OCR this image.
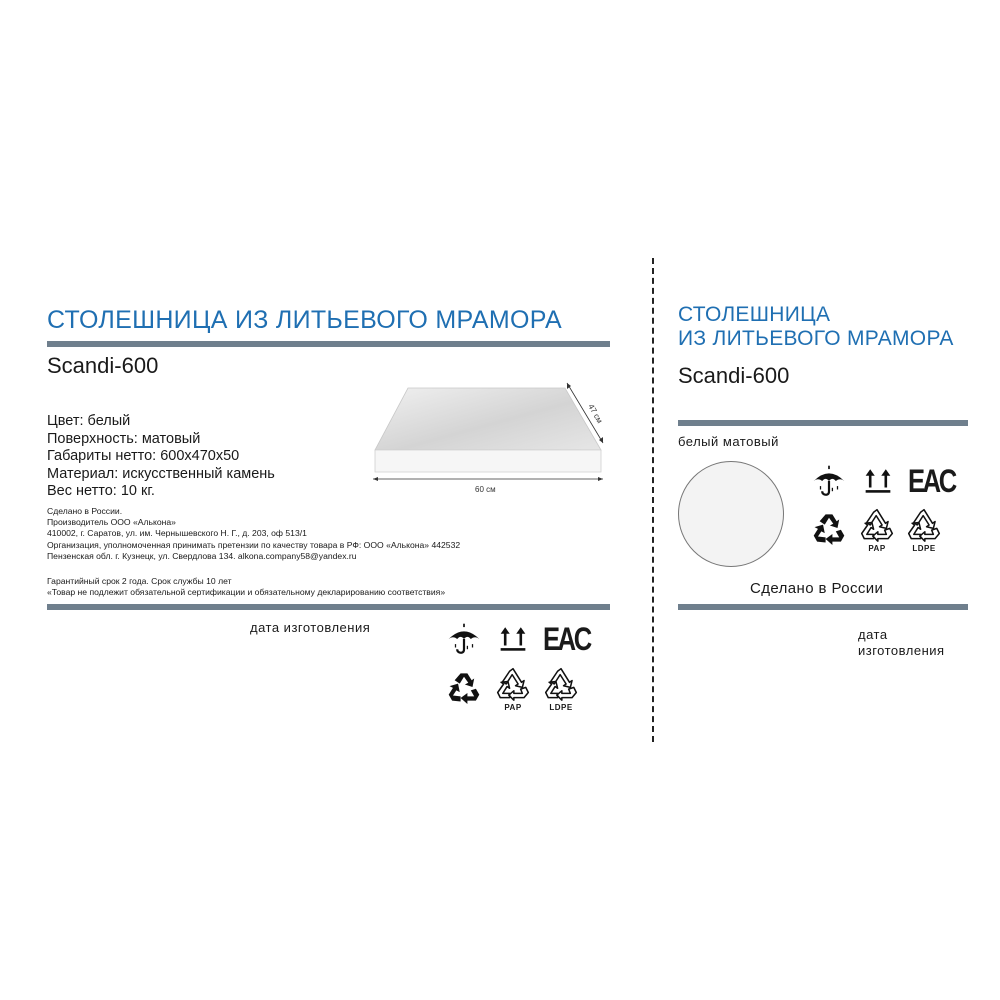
СТОЛЕШНИЦА ИЗ ЛИТЬЕВОГО МРАМОРА
Scandi-600
Цвет: белый
Поверхность: матовый
Габариты нетто: 600х470х50
Материал: искусственный камень
Вес нетто: 10 кг.	60 см
47 см
Сделано в России.
Производитель ООО «Алькона»
410002, г. Саратов, ул. им. Чернышевского Н. Г., д. 203, оф 513/1
Организация, уполномоченная принимать претензии по качеству товара в РФ: ООО «Алькона» 442532
Пензенская обл. г. Кузнецк, ул. Свердлова 134. alkona.company58@yandex.ru
Гарантийный срок 2 года. Срок службы 10 лет
«Товар не подлежит обязательной сертификации и обязательному декларированию соответствия»
дата изготовления	EAC
PAP	LDPE
СТОЛЕШНИЦА
ИЗ ЛИТЬЕВОГО МРАМОРА
Scandi-600
белый матовый
EAC
PAP	LDPE
Сделано в России
дата
изготовления
